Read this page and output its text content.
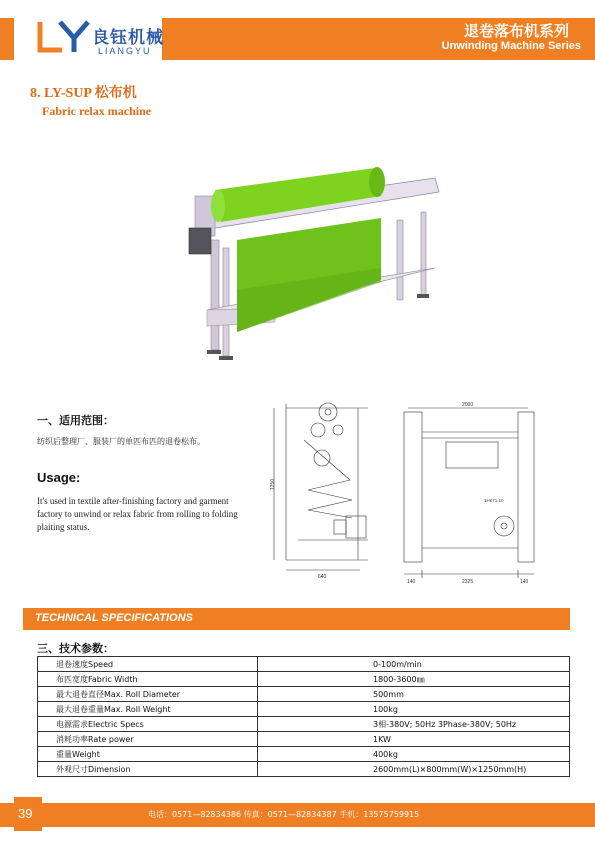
良钰机械
LIANGYU
退卷落布机系列
Unwinding Machine Series
8. LY-SUP 松布机
Fabric relax machine
一、适用范围：
纺织后整理厂、服装厂的单匹布匹的退卷松布。
Usage:
It's used in textile after-finishing factory and garment factory to unwind or relax fabric from rolling to folding plaiting status.
1250
640
2000
1H¢71.10
140	2325	140
TECHNICAL SPECIFICATIONS
三、技术参数：
退卷速度Speed	0-100m/min
布匹宽度Fabric Width	1800-3600㎜
最大退卷直径Max. Roll Diameter	500mm
最大退卷重量Max. Roll Weight	100kg
电源需求Electric Specs	3相-380V; 50Hz 3Phase-380V; 50Hz
消耗功率Rate power	1KW
重量Weight	400kg
外观尺寸Dimension	2600mm(L)×800mm(W)×1250mm(H)
39	电话：0571—82834386 传真：0571—82834387 手机：13575759915
